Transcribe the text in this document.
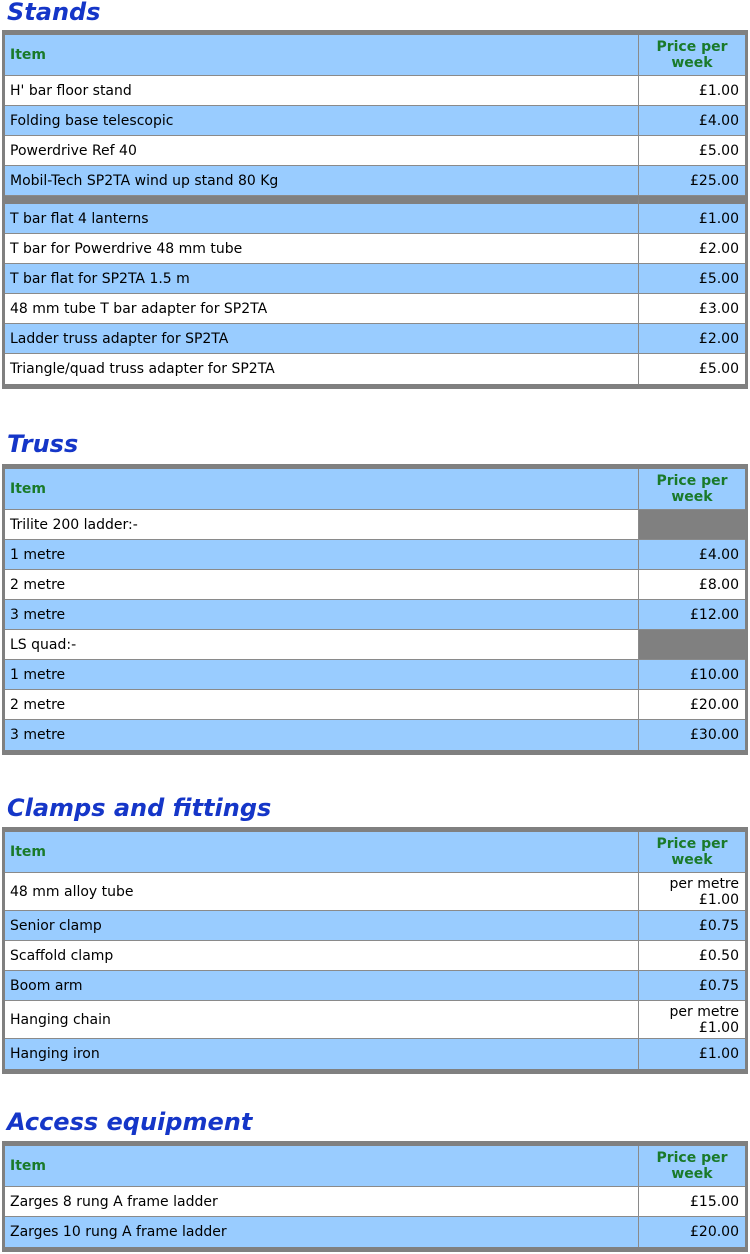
Stands
Item	Price per week
H' bar floor stand	£1.00
Folding base telescopic	£4.00
Powerdrive Ref 40	£5.00
Mobil-Tech SP2TA wind up stand 80 Kg	£25.00
T bar flat 4 lanterns	£1.00
T bar for Powerdrive 48 mm tube	£2.00
T bar flat for SP2TA 1.5 m	£5.00
48 mm tube T bar adapter for SP2TA	£3.00
Ladder truss adapter for SP2TA	£2.00
Triangle/quad truss adapter for SP2TA	£5.00
Truss
Item	Price per week
Trilite 200 ladder:-	
1 metre	£4.00
2 metre	£8.00
3 metre	£12.00
LS quad:-	
1 metre	£10.00
2 metre	£20.00
3 metre	£30.00
Clamps and fittings
Item	Price per week
48 mm alloy tube	per metre
£1.00

Senior clamp	£0.75
Scaffold clamp	£0.50
Boom arm	£0.75
Hanging chain	per metre
£1.00

Hanging iron	£1.00
Access equipment
Item	Price per week
Zarges 8 rung A frame ladder	£15.00
Zarges 10 rung A frame ladder	£20.00
